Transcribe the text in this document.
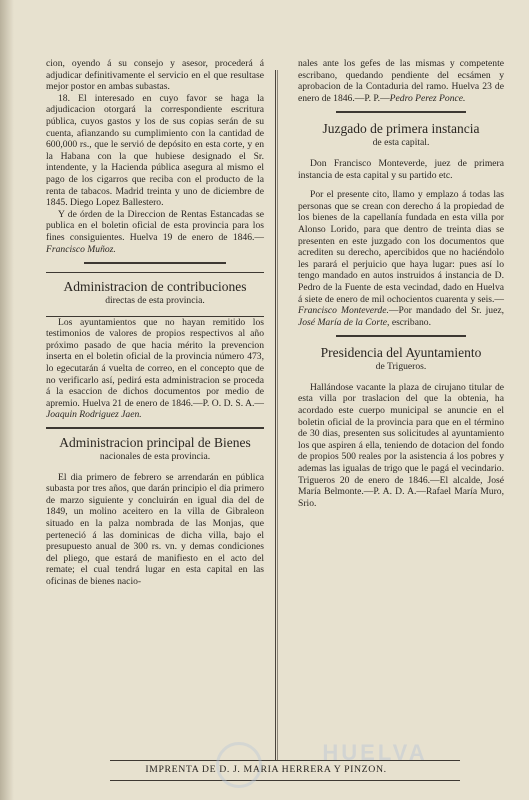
cion, oyendo á su consejo y asesor, procederá á adjudicar definitivamente el servicio en el que resultase mejor postor en ambas subastas.

18. El interesado en cuyo favor se haga la adjudicacion otorgará la correspondiente escritura pública, cuyos gastos y los de sus copias serán de su cuenta, afianzando su cumplimiento con la cantidad de 600,000 rs., que le servió de depósito en esta corte, y en la Habana con la que hubiese designado el Sr. intendente, y la Hacienda pública asegura al mismo el pago de los cigarros que reciba con el producto de la renta de tabacos. Madrid treinta y uno de diciembre de 1845. Diego Lopez Ballestero.

Y de órden de la Direccion de Rentas Estancadas se publica en el boletin oficial de esta provincia para los fines consiguientes. Huelva 19 de enero de 1846.—Francisco Muñoz.

Administracion de contribuciones
directas de esta provincia.

Los ayuntamientos que no hayan remitido los testimonios de valores de propios respectivos al año próximo pasado de que hacia mérito la prevencion inserta en el boletin oficial de la provincia número 473, lo egecutarán á vuelta de correo, en el concepto que de no verificarlo así, pedirá esta administracion se proceda á la esaccion de dichos documentos por medio de apremio. Huelva 21 de enero de 1846.—P. O. D. S. A.—Joaquin Rodriguez Jaen.

Administracion principal de Bienes
nacionales de esta provincia.

El dia primero de febrero se arrendarán en pública subasta por tres años, que darán principio el dia primero de marzo siguiente y concluirán en igual dia del de 1849, un molino aceitero en la villa de Gibraleon situado en la palza nombrada de las Monjas, que perteneció á las dominicas de dicha villa, bajo el presupuesto anual de 300 rs. vn. y demas condiciones del pliego, que estará de manifiesto en el acto del remate; el cual tendrá lugar en esta capital en las oficinas de bienes nacio-

nales ante los gefes de las mismas y competente escribano, quedando pendiente del ecsámen y aprobacion de la Contaduria del ramo. Huelva 23 de enero de 1846.—P. P.—Pedro Perez Ponce.

Juzgado de primera instancia
de esta capital.

Don Francisco Monteverde, juez de primera instancia de esta capital y su partido etc.

Por el presente cito, llamo y emplazo á todas las personas que se crean con derecho á la propiedad de los bienes de la capellanía fundada en esta villa por Alonso Lorido, para que dentro de treinta dias se presenten en este juzgado con los documentos que acrediten su derecho, apercibidos que no haciéndolo les parará el perjuicio que haya lugar: pues así lo tengo mandado en autos instruidos á instancia de D. Pedro de la Fuente de esta vecindad, dado en Huelva á siete de enero de mil ochocientos cuarenta y seis.—Francisco Monteverde.—Por mandado del Sr. juez, José María de la Corte, escribano.

Presidencia del Ayuntamiento
de Trigueros.

Hallándose vacante la plaza de cirujano titular de esta villa por traslacion del que la obtenia, ha acordado este cuerpo municipal se anuncie en el boletin oficial de la provincia para que en el término de 30 dias, presenten sus solicitudes al ayuntamiento los que aspiren á ella, teniendo de dotacion del fondo de propios 500 reales por la asistencia á los pobres y ademas las igualas de trigo que le pagá el vecindario. Trigueros 20 de enero de 1846.—El alcalde, José María Belmonte.—P. A. D. A.—Rafael María Muro, Srio.

IMPRENTA DE D. J. MARIA HERRERA Y PINZON.
HUELVA
